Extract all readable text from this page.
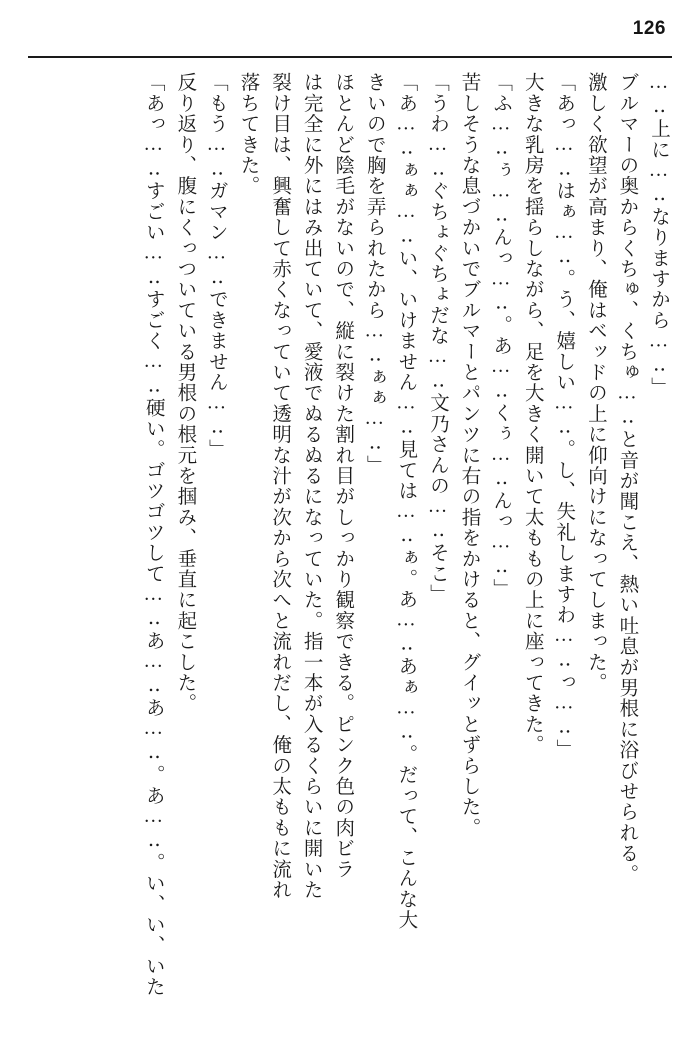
126

…‥上に…‥なりますから…‥」

ブルマーの奥からくちゅ、くちゅ…‥と音が聞こえ、熱い吐息が男根に浴びせられる。

激しく欲望が高まり、俺はベッドの上に仰向けになってしまった。

「あっ…‥はぁ…‥。う、嬉しい…‥。し、失礼しますわ…‥っ…‥」

大きな乳房を揺らしながら、足を大きく開いて太ももの上に座ってきた。

「ふ…‥ぅ…‥んっ…‥。あ…‥くぅ…‥んっ…‥」

苦しそうな息づかいでブルマーとパンツに右の指をかけると、グイッとずらした。

「うわ…‥ぐちょぐちょだな…‥文乃さんの…‥そこ」

「あ…‥ぁぁ…‥い、いけません…‥見ては…‥ぁ。あ…‥あぁ…‥。だって、こんな大

きいので胸を弄られたから…‥ぁぁ…‥」

ほとんど陰毛がないので、縦に裂けた割れ目がしっかり観察できる。ピンク色の肉ビラ

は完全に外にはみ出ていて、愛液でぬるぬるになっていた。指一本が入るくらいに開いた

裂け目は、興奮して赤くなっていて透明な汁が次から次へと流れだし、俺の太ももに流れ

落ちてきた。

「もう…‥ガマン…‥できません…‥」

反り返り、腹にくっついている男根の根元を掴み、垂直に起こした。

「あっ…‥すごい…‥すごく…‥硬い。ゴツゴツして…‥あ…‥あ…‥。あ…‥。い、い、いた
